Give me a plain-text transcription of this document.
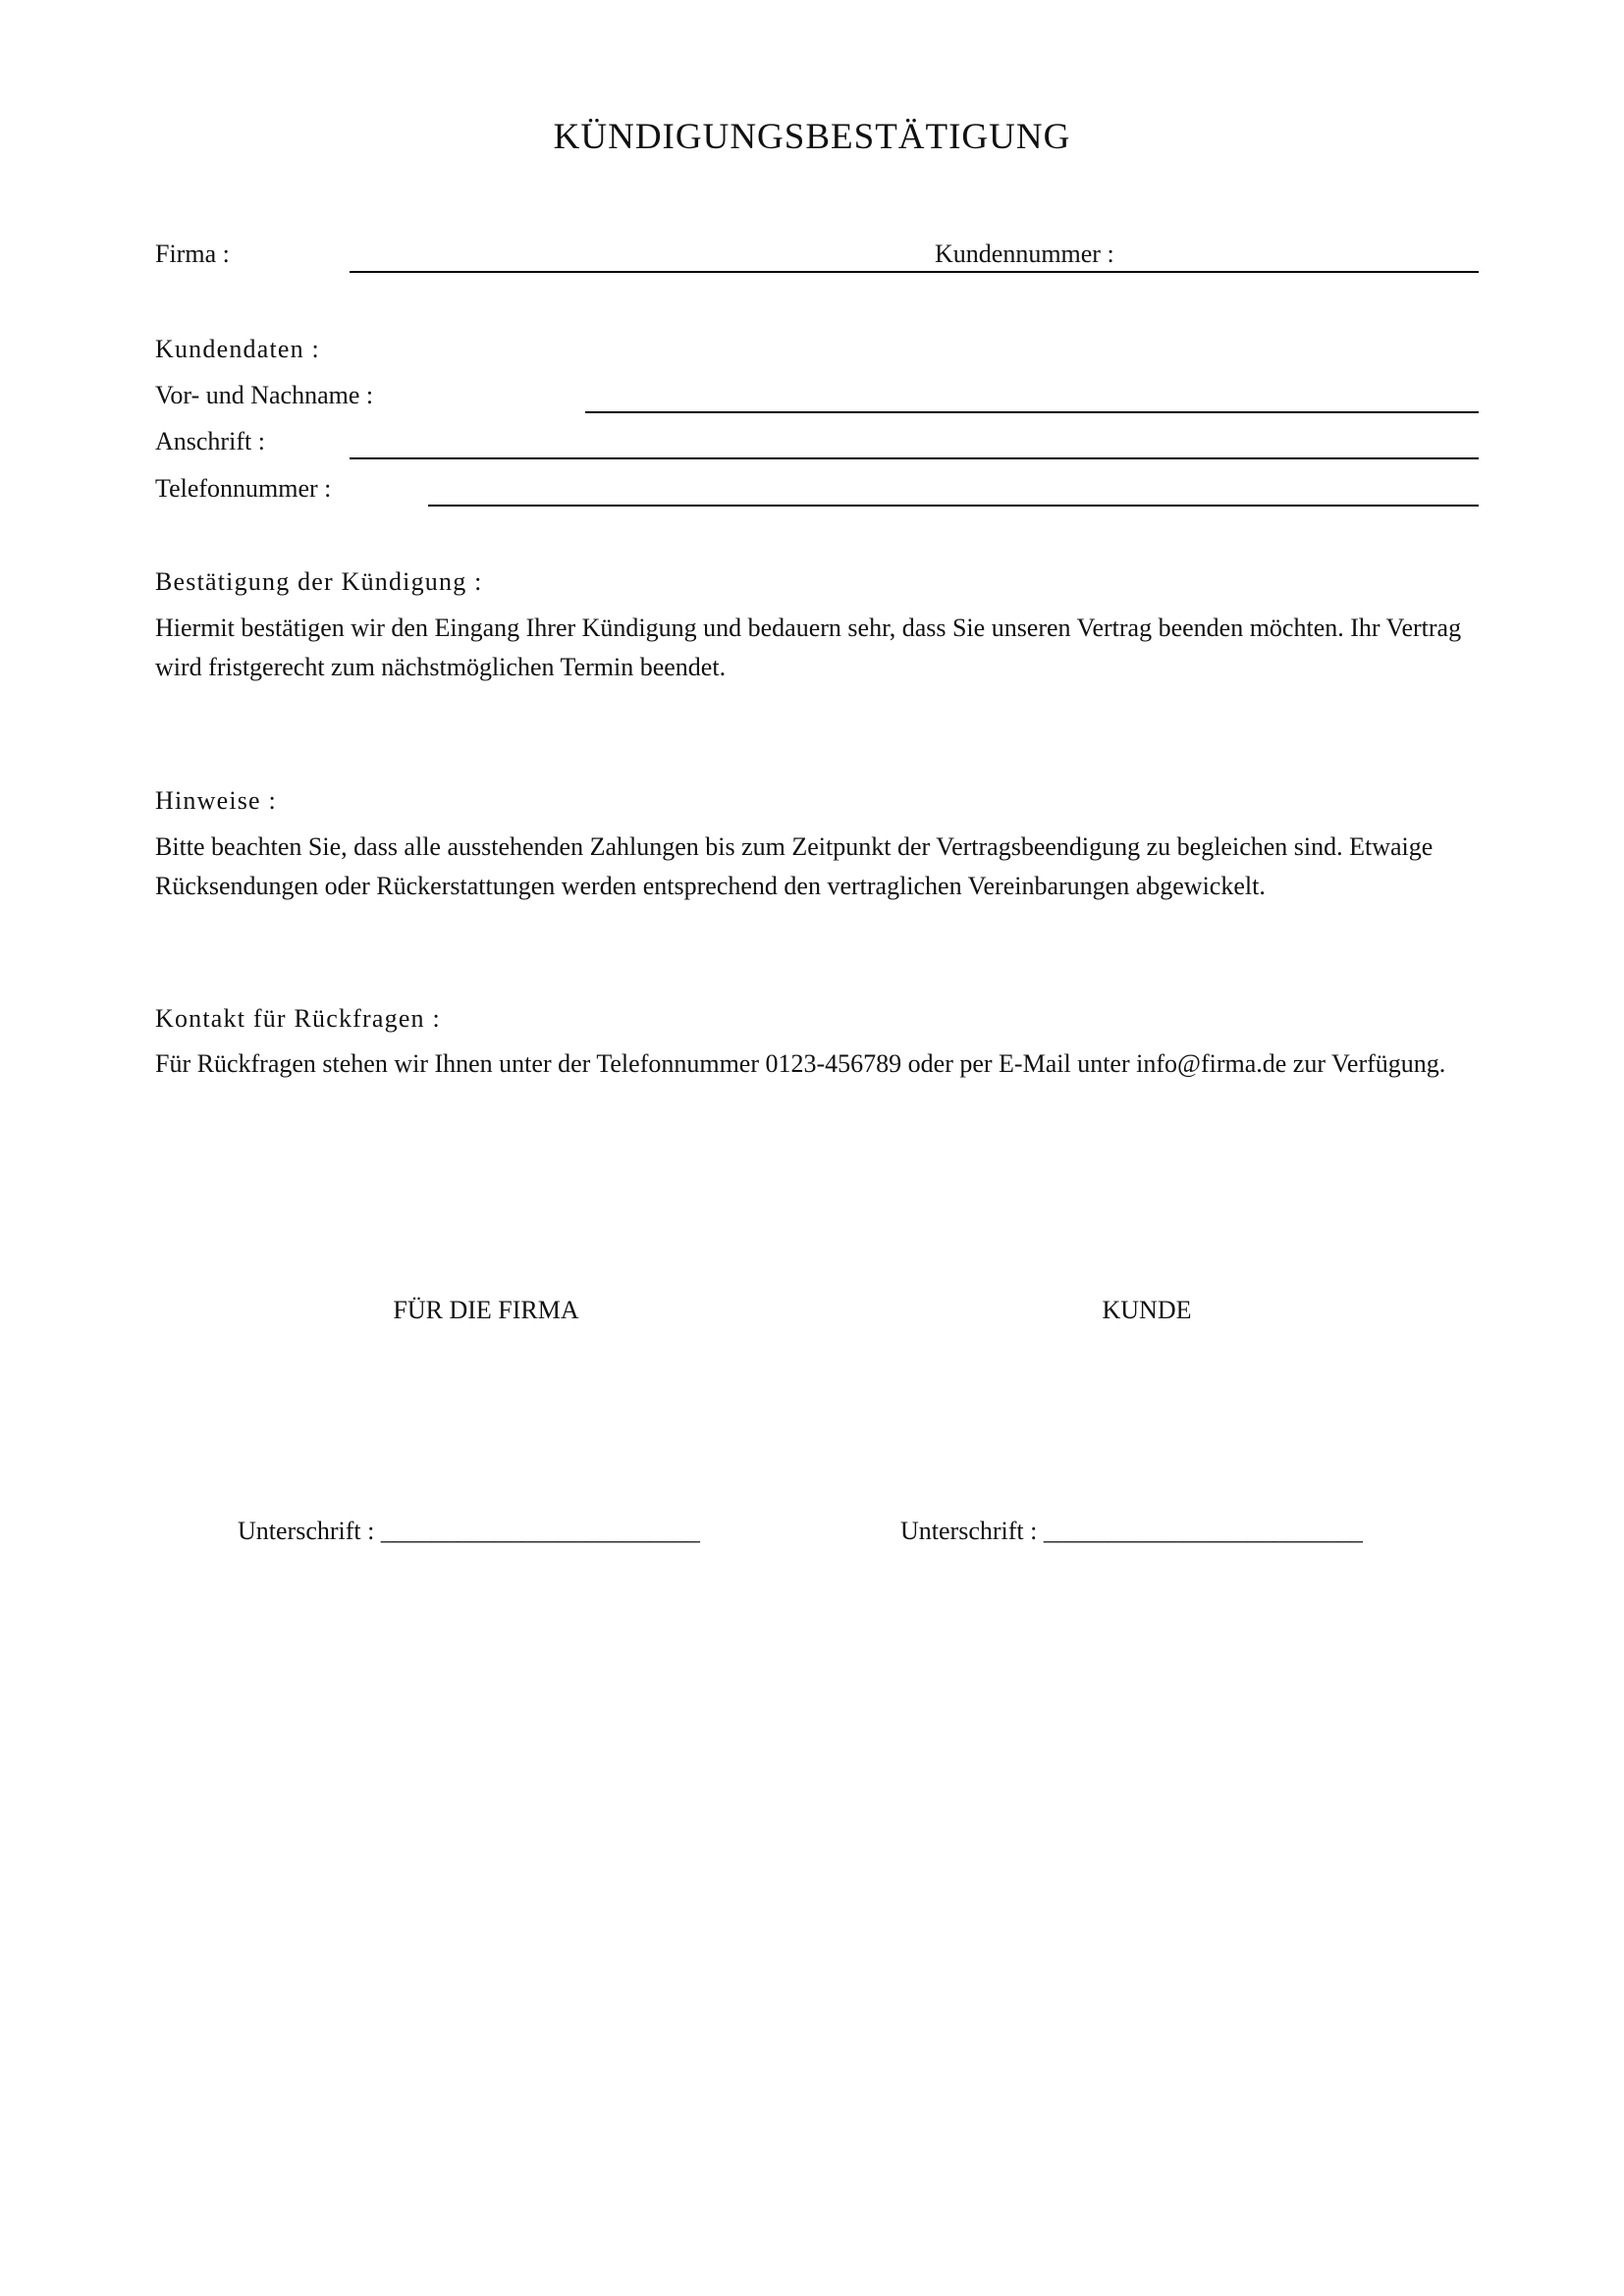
KÜNDIGUNGSBESTÄTIGUNG
Firma :	Kundennummer :
Kundendaten :
Vor- und Nachname :
Anschrift :
Telefonnummer :
Bestätigung der Kündigung :
Hiermit bestätigen wir den Eingang Ihrer Kündigung und bedauern sehr, dass Sie unseren Vertrag beenden möchten. Ihr Vertrag wird fristgerecht zum nächstmöglichen Termin beendet.
Hinweise :
Bitte beachten Sie, dass alle ausstehenden Zahlungen bis zum Zeitpunkt der Vertragsbeendigung zu begleichen sind. Etwaige Rücksendungen oder Rückerstattungen werden entsprechend den vertraglichen Vereinbarungen abgewickelt.
Kontakt für Rückfragen :
Für Rückfragen stehen wir Ihnen unter der Telefonnummer 0123-456789 oder per E-Mail unter info@firma.de zur Verfügung.
FÜR DIE FIRMA	KUNDE
Unterschrift : _________________________	Unterschrift : _________________________
